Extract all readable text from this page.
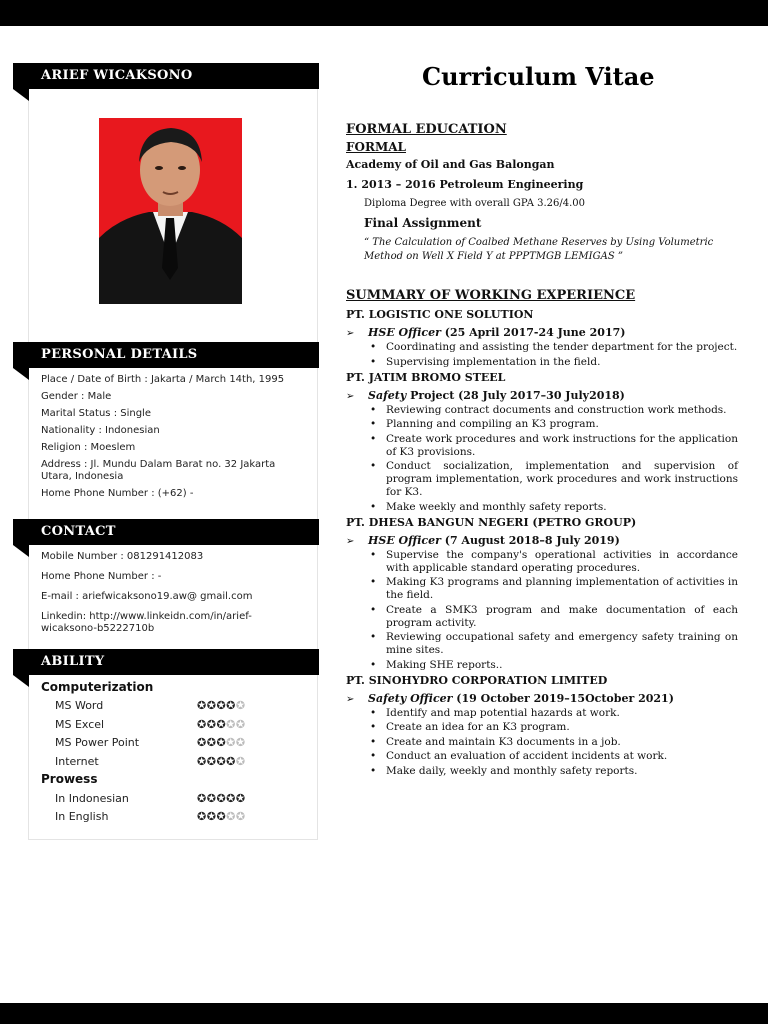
ARIEF WICAKSONO
PERSONAL DETAILS
Place / Date of Birth : Jakarta / March 14th, 1995
Gender : Male
Marital Status : Single
Nationality : Indonesian
Religion : Moeslem
Address : Jl. Mundu Dalam Barat no. 32 Jakarta Utara, Indonesia
Home Phone Number : (+62) -
CONTACT
Mobile Number : 081291412083
Home Phone Number : -
E-mail : ariefwicaksono19.aw@ gmail.com
Linkedin: http://www.linkeidn.com/in/arief-wicaksono-b5222710b
ABILITY
Computerization
MS Word	✪✪✪✪✪
MS Excel	✪✪✪✪✪
MS Power Point	✪✪✪✪✪
Internet	✪✪✪✪✪
Prowess
In Indonesian	✪✪✪✪✪
In English	✪✪✪✪✪
Curriculum Vitae
FORMAL EDUCATION
FORMAL
Academy of Oil and Gas Balongan
1. 2013 – 2016 Petroleum Engineering
Diploma Degree with overall GPA 3.26/4.00
Final Assignment
“ The Calculation of Coalbed Methane Reserves by Using Volumetric Method on Well X Field Y at PPPTMGB LEMIGAS ”
SUMMARY OF WORKING EXPERIENCE
PT. LOGISTIC ONE SOLUTION
➢ HSE Officer (25 April 2017-24 June 2017)
• Coordinating and assisting the tender department for the project.
• Supervising implementation in the field.
PT. JATIM BROMO STEEL
➢ Safety Project (28 July 2017–30 July2018)
• Reviewing contract documents and construction work methods.
• Planning and compiling an K3 program.
• Create work procedures and work instructions for the application of K3 provisions.
• Conduct socialization, implementation and supervision of program implementation, work procedures and work instructions for K3.
• Make weekly and monthly safety reports.
PT. DHESA BANGUN NEGERI (PETRO GROUP)
➢ HSE Officer (7 August 2018–8 July 2019)
• Supervise the company's operational activities in accordance with applicable standard operating procedures.
• Making K3 programs and planning implementation of activities in the field.
• Create a SMK3 program and make documentation of each program activity.
• Reviewing occupational safety and emergency safety training on mine sites.
• Making SHE reports..
PT. SINOHYDRO CORPORATION LIMITED
➢ Safety Officer (19 October 2019–15October 2021)
• Identify and map potential hazards at work.
• Create an idea for an K3 program.
• Create and maintain K3 documents in a job.
• Conduct an evaluation of accident incidents at work.
• Make daily, weekly and monthly safety reports.
